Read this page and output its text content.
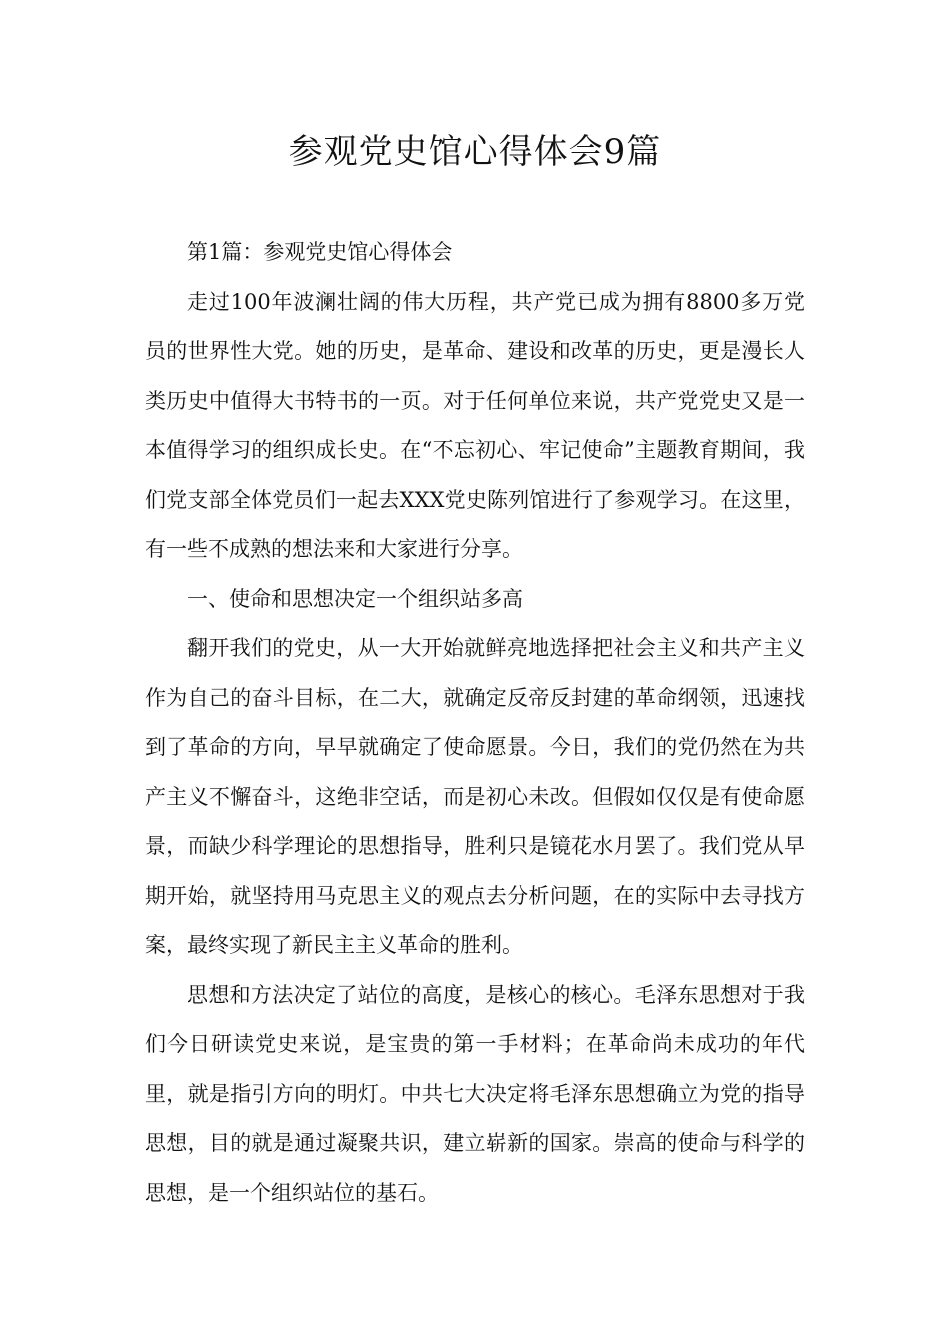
参观党史馆心得体会9篇

第1篇：参观党史馆心得体会

走过100年波澜壮阔的伟大历程，共产党已成为拥有8800多万党员的世界性大党。她的历史，是革命、建设和改革的历史，更是漫长人类历史中值得大书特书的一页。对于任何单位来说，共产党党史又是一本值得学习的组织成长史。在“不忘初心、牢记使命”主题教育期间，我们党支部全体党员们一起去XXX党史陈列馆进行了参观学习。在这里，有一些不成熟的想法来和大家进行分享。

一、使命和思想决定一个组织站多高

翻开我们的党史，从一大开始就鲜亮地选择把社会主义和共产主义作为自己的奋斗目标，在二大，就确定反帝反封建的革命纲领，迅速找到了革命的方向，早早就确定了使命愿景。今日，我们的党仍然在为共产主义不懈奋斗，这绝非空话，而是初心未改。但假如仅仅是有使命愿景，而缺少科学理论的思想指导，胜利只是镜花水月罢了。我们党从早期开始，就坚持用马克思主义的观点去分析问题，在的实际中去寻找方案，最终实现了新民主主义革命的胜利。

思想和方法决定了站位的高度，是核心的核心。毛泽东思想对于我们今日研读党史来说，是宝贵的第一手材料；在革命尚未成功的年代里，就是指引方向的明灯。中共七大决定将毛泽东思想确立为党的指导思想，目的就是通过凝聚共识，建立崭新的国家。崇高的使命与科学的思想，是一个组织站位的基石。
